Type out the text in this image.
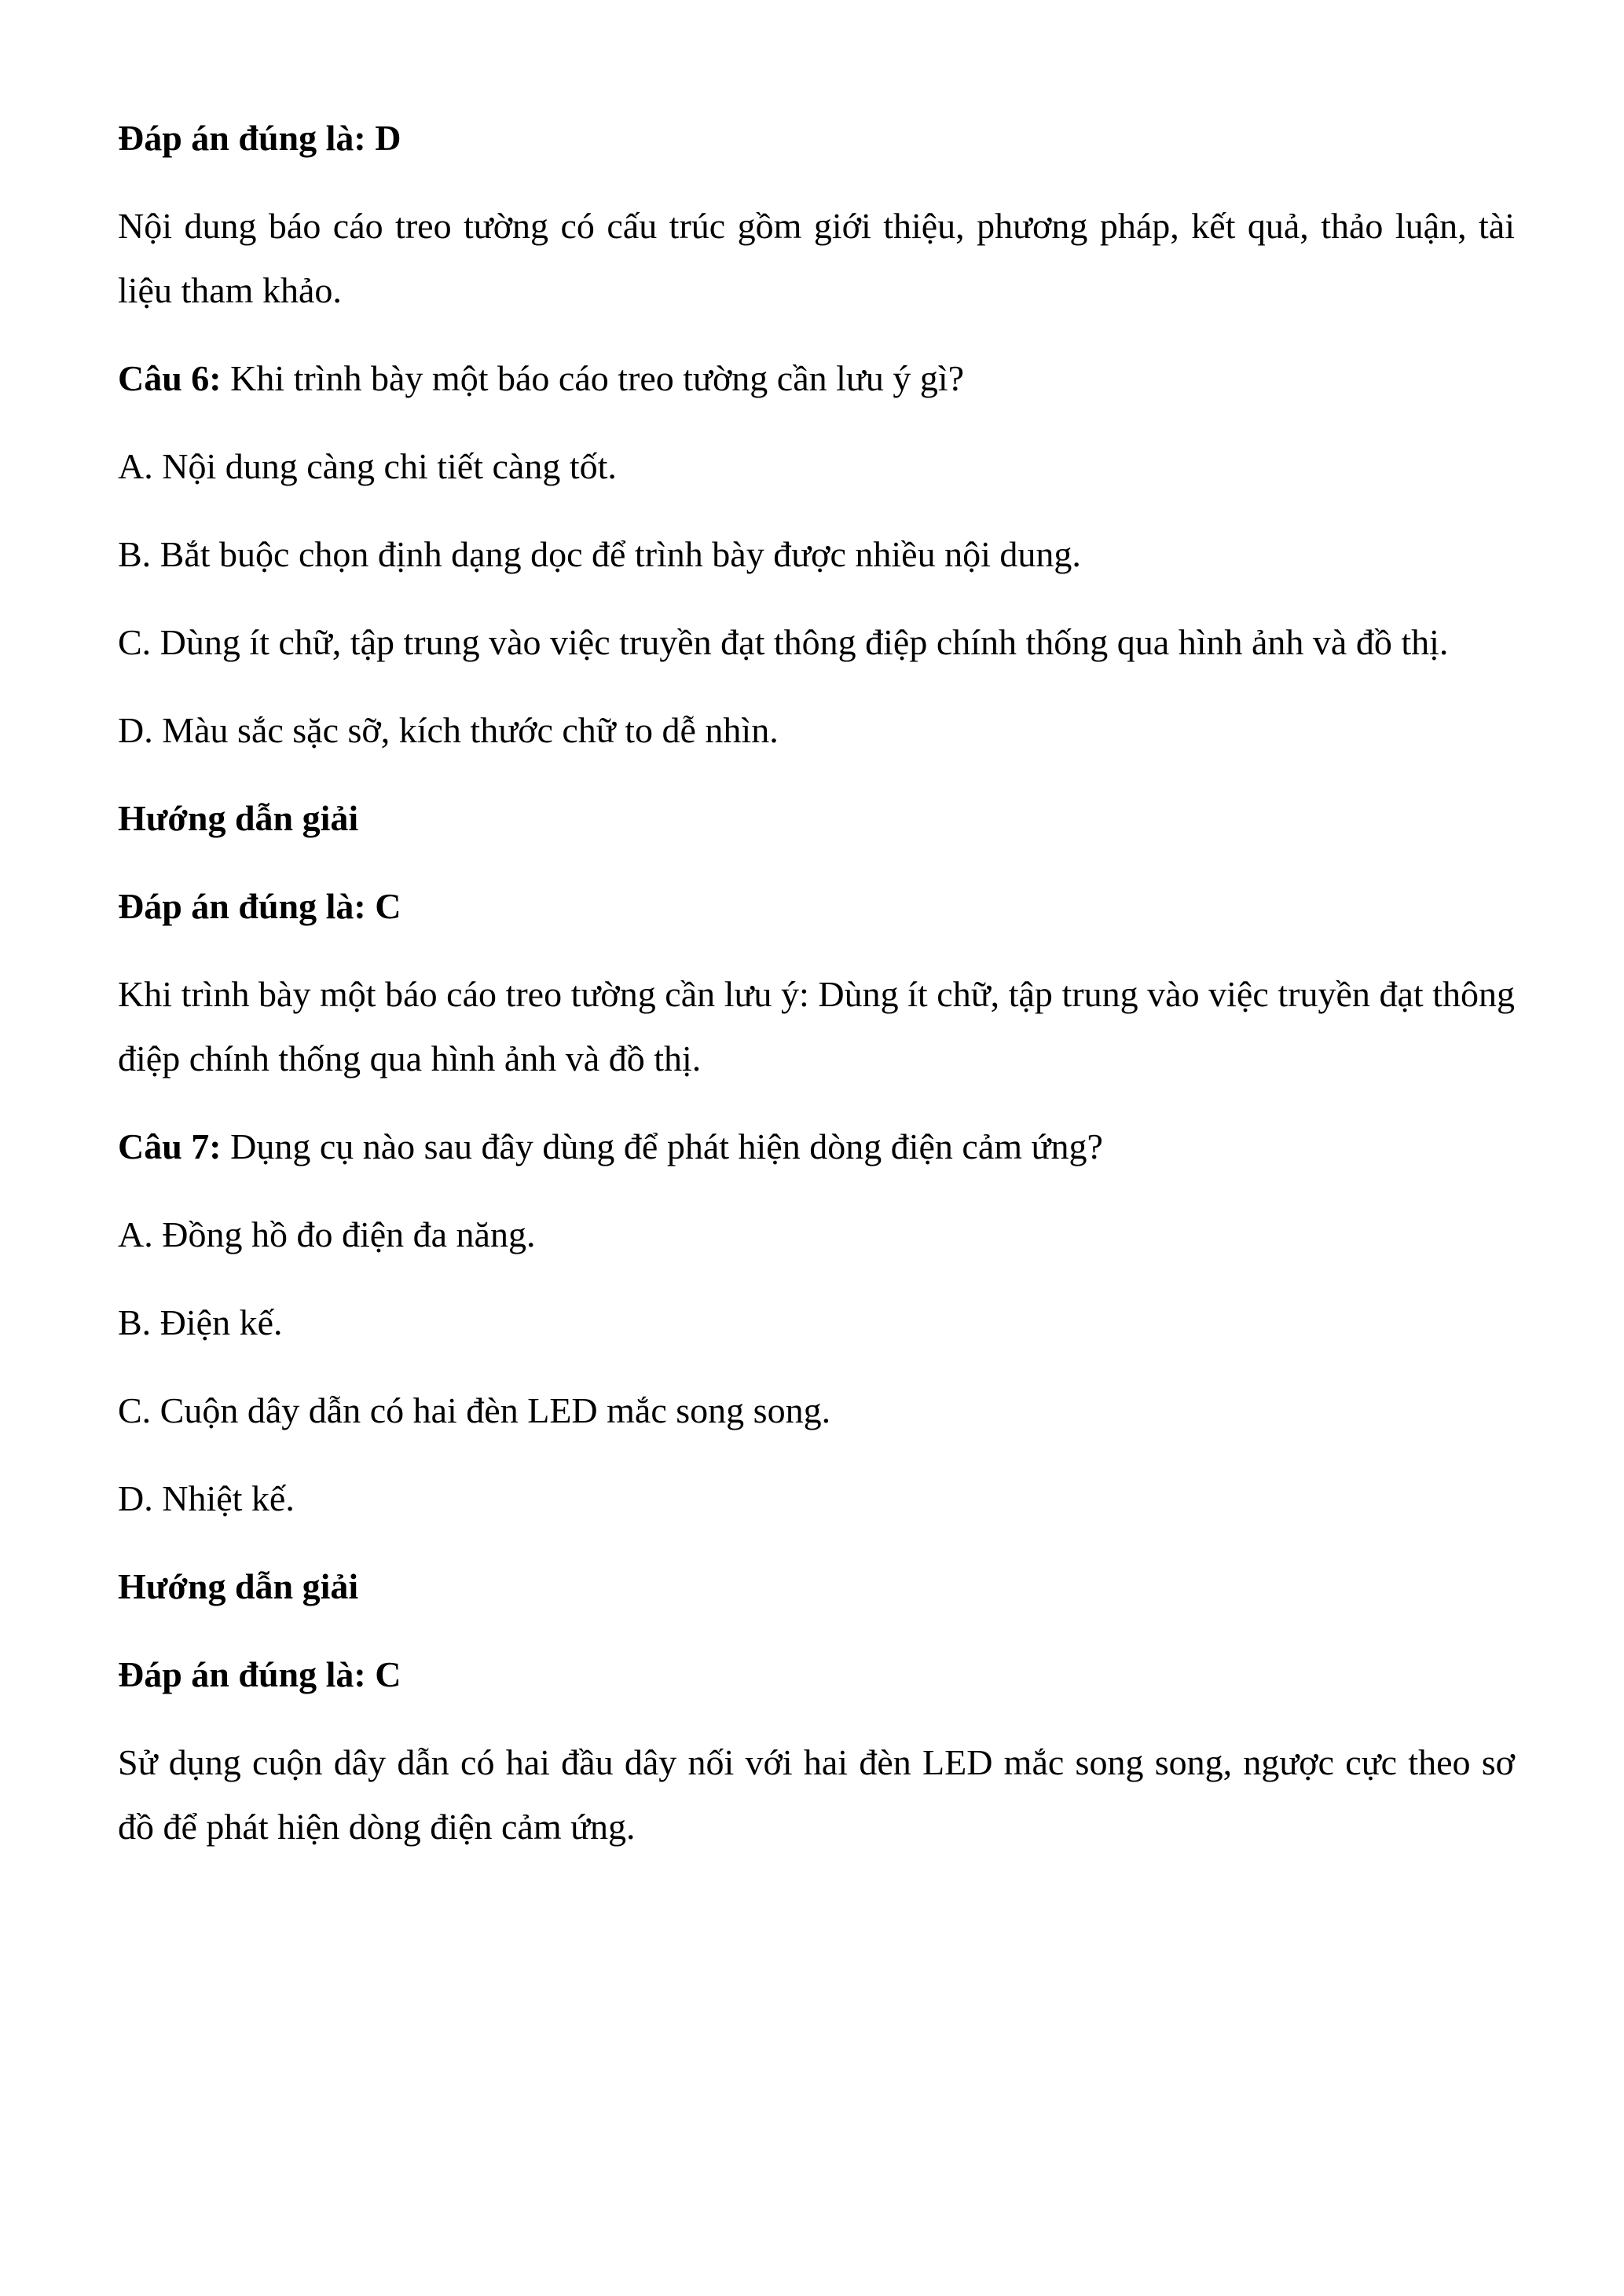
Đáp án đúng là: D

Nội dung báo cáo treo tường có cấu trúc gồm giới thiệu, phương pháp, kết quả, thảo luận, tài liệu tham khảo.

Câu 6: Khi trình bày một báo cáo treo tường cần lưu ý gì?

A. Nội dung càng chi tiết càng tốt.

B. Bắt buộc chọn định dạng dọc để trình bày được nhiều nội dung.

C. Dùng ít chữ, tập trung vào việc truyền đạt thông điệp chính thống qua hình ảnh và đồ thị.

D. Màu sắc sặc sỡ, kích thước chữ to dễ nhìn.

Hướng dẫn giải

Đáp án đúng là: C

Khi trình bày một báo cáo treo tường cần lưu ý: Dùng ít chữ, tập trung vào việc truyền đạt thông điệp chính thống qua hình ảnh và đồ thị.

Câu 7: Dụng cụ nào sau đây dùng để phát hiện dòng điện cảm ứng?

A. Đồng hồ đo điện đa năng.

B. Điện kế.

C. Cuộn dây dẫn có hai đèn LED mắc song song.

D. Nhiệt kế.

Hướng dẫn giải

Đáp án đúng là: C

Sử dụng cuộn dây dẫn có hai đầu dây nối với hai đèn LED mắc song song, ngược cực theo sơ đồ để phát hiện dòng điện cảm ứng.
